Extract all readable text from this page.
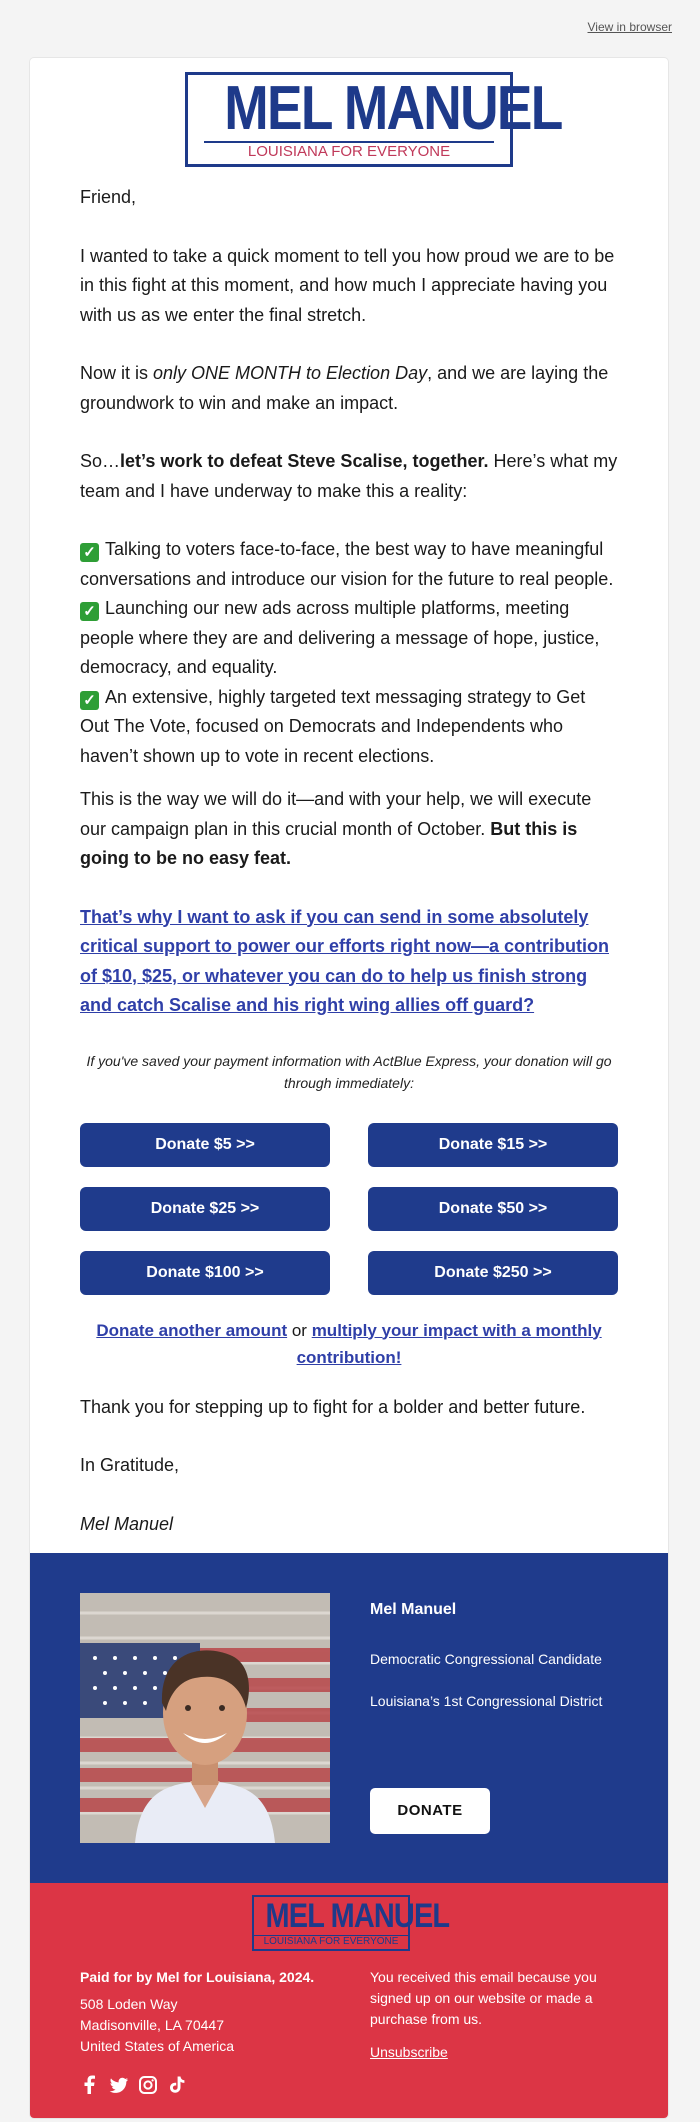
View in browser
MEL MANUEL
LOUISIANA FOR EVERYONE

Friend,

I wanted to take a quick moment to tell you how proud we are to be in this fight at this moment, and how much I appreciate having you with us as we enter the final stretch.

Now it is only ONE MONTH to Election Day, and we are laying the groundwork to win and make an impact.

So…let’s work to defeat Steve Scalise, together. Here’s what my team and I have underway to make this a reality:

✓ Talking to voters face-to-face, the best way to have meaningful conversations and introduce our vision for the future to real people.
✓ Launching our new ads across multiple platforms, meeting people where they are and delivering a message of hope, justice, democracy, and equality.
✓ An extensive, highly targeted text messaging strategy to Get Out The Vote, focused on Democrats and Independents who haven’t shown up to vote in recent elections.

This is the way we will do it—and with your help, we will execute our campaign plan in this crucial month of October. But this is going to be no easy feat.

That’s why I want to ask if you can send in some absolutely critical support to power our efforts right now—a contribution of $10, $25, or whatever you can do to help us finish strong and catch Scalise and his right wing allies off guard?

If you've saved your payment information with ActBlue Express, your donation will go through immediately:

Donate $5 >>	Donate $15 >>
Donate $25 >>	Donate $50 >>
Donate $100 >>	Donate $250 >>
Donate another amount or multiply your impact with a monthly contribution!

Thank you for stepping up to fight for a bolder and better future.

In Gratitude,

Mel Manuel

Mel Manuel
Democratic Congressional Candidate
Louisiana’s 1st Congressional District
DONATE
MEL MANUEL
LOUISIANA FOR EVERYONE
Paid for by Mel for Louisiana, 2024.
508 Loden Way
Madisonville, LA 70447
United States of America
You received this email because you signed up on our website or made a purchase from us.
Unsubscribe
